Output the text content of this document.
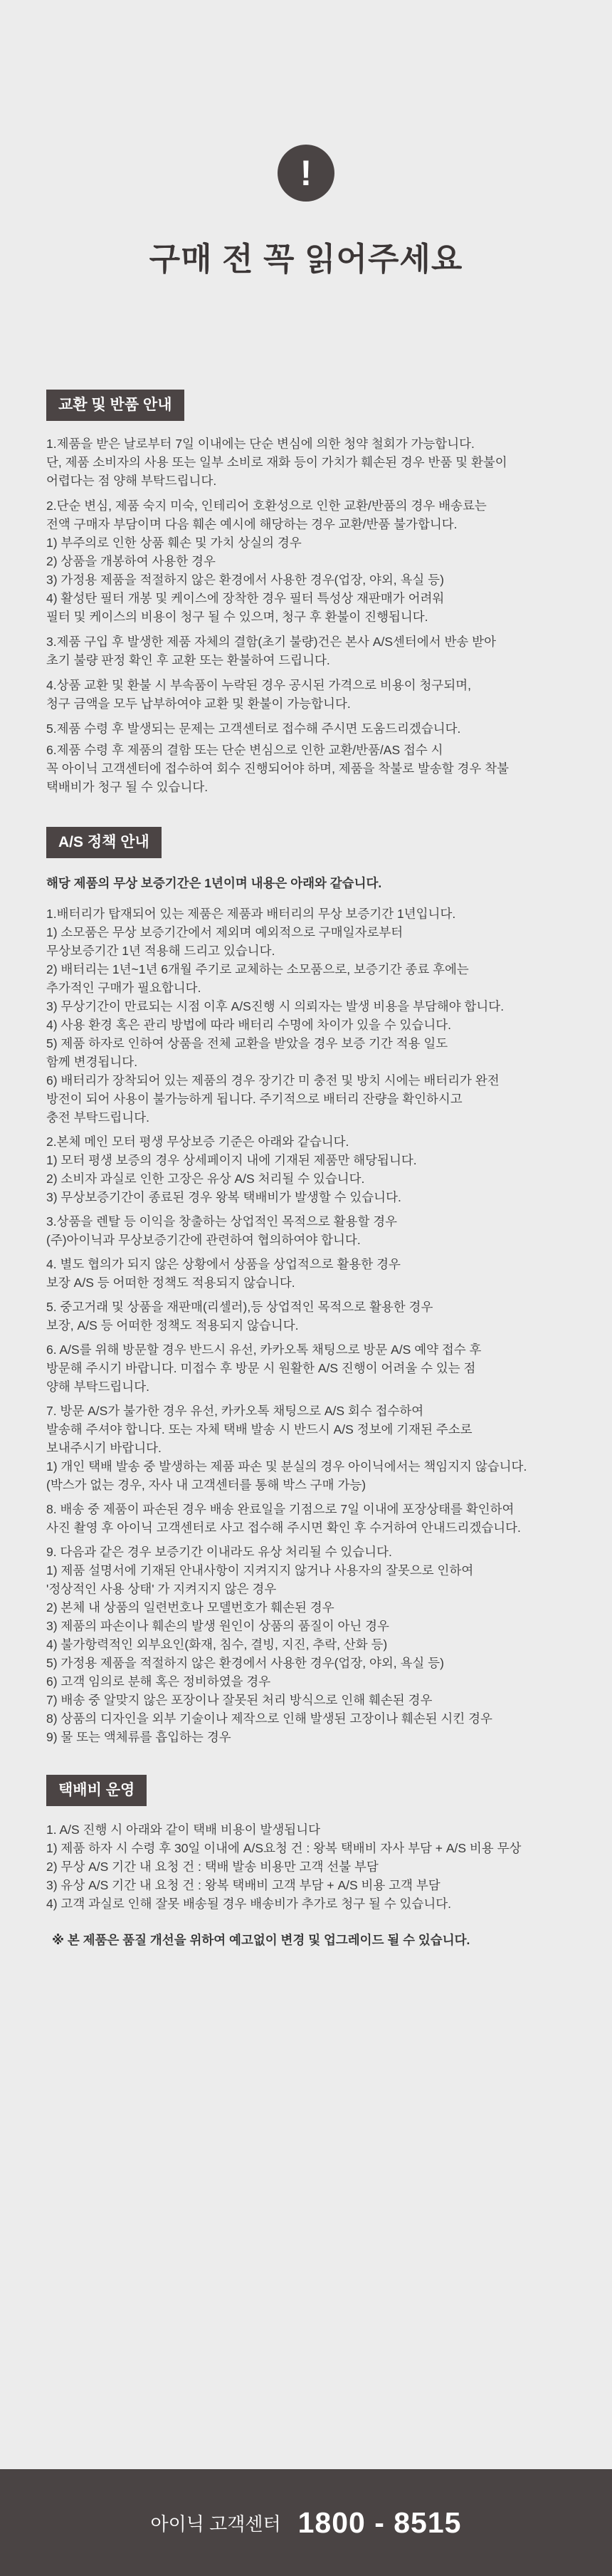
!
구매 전 꼭 읽어주세요
교환 및 반품 안내
1.제품을 받은 날로부터 7일 이내에는 단순 변심에 의한 청약 철회가 가능합니다.
단, 제품 소비자의 사용 또는 일부 소비로 재화 등이 가치가 훼손된 경우 반품 및 환불이
어렵다는 점 양해 부탁드립니다.
2.단순 변심, 제품 숙지 미숙, 인테리어 호환성으로 인한 교환/반품의 경우 배송료는
전액 구매자 부담이며 다음 훼손 예시에 해당하는 경우 교환/반품 불가합니다.
1) 부주의로 인한 상품 훼손 및 가치 상실의 경우
2) 상품을 개봉하여 사용한 경우
3) 가정용 제품을 적절하지 않은 환경에서 사용한 경우(업장, 야외, 욕실 등)
4) 활성탄 필터 개봉 및 케이스에 장착한 경우 필터 특성상 재판매가 어려워
필터 및 케이스의 비용이 청구 될 수 있으며, 청구 후 환불이 진행됩니다.
3.제품 구입 후 발생한 제품 자체의 결함(초기 불량)건은 본사 A/S센터에서 반송 받아
초기 불량 판정 확인 후 교환 또는 환불하여 드립니다.
4.상품 교환 및 환불 시 부속품이 누락된 경우 공시된 가격으로 비용이 청구되며,
청구 금액을 모두 납부하여야 교환 및 환불이 가능합니다.
5.제품 수령 후 발생되는 문제는 고객센터로 접수해 주시면 도움드리겠습니다.
6.제품 수령 후 제품의 결함 또는 단순 변심으로 인한 교환/반품/AS 접수 시
꼭 아이닉 고객센터에 접수하여 회수 진행되어야 하며, 제품을 착불로 발송할 경우 착불
택배비가 청구 될 수 있습니다.
A/S 정책 안내
해당 제품의 무상 보증기간은 1년이며 내용은 아래와 같습니다.
1.배터리가 탑재되어 있는 제품은 제품과 배터리의 무상 보증기간 1년입니다.
1) 소모품은 무상 보증기간에서 제외며 예외적으로 구매일자로부터
무상보증기간 1년 적용해 드리고 있습니다.
2) 배터리는 1년~1년 6개월 주기로 교체하는 소모품으로, 보증기간 종료 후에는
추가적인 구매가 필요합니다.
3) 무상기간이 만료되는 시점 이후 A/S진행 시 의뢰자는 발생 비용을 부담해야 합니다.
4) 사용 환경 혹은 관리 방법에 따라 배터리 수명에 차이가 있을 수 있습니다.
5) 제품 하자로 인하여 상품을 전체 교환을 받았을 경우 보증 기간 적용 일도
함께 변경됩니다.
6) 배터리가 장착되어 있는 제품의 경우 장기간 미 충전 및 방치 시에는 배터리가 완전
방전이 되어 사용이 불가능하게 됩니다. 주기적으로 배터리 잔량을 확인하시고
충전 부탁드립니다.
2.본체 메인 모터 평생 무상보증 기준은 아래와 같습니다.
1) 모터 평생 보증의 경우 상세페이지 내에 기재된 제품만 해당됩니다.
2) 소비자 과실로 인한 고장은 유상 A/S 처리될 수 있습니다.
3) 무상보증기간이 종료된 경우 왕복 택배비가 발생할 수 있습니다.
3.상품을 렌탈 등 이익을 창출하는 상업적인 목적으로 활용할 경우
(주)아이닉과 무상보증기간에 관련하여 협의하여야 합니다.
4. 별도 협의가 되지 않은 상황에서 상품을 상업적으로 활용한 경우
보장 A/S 등 어떠한 정책도 적용되지 않습니다.
5. 중고거래 및 상품을 재판매(리셀러),등 상업적인 목적으로 활용한 경우
보장, A/S 등 어떠한 정책도 적용되지 않습니다.
6. A/S를 위해 방문할 경우 반드시 유선, 카카오톡 채팅으로 방문 A/S 예약 접수 후
방문해 주시기 바랍니다. 미접수 후 방문 시 원활한 A/S 진행이 어려울 수 있는 점
양해 부탁드립니다.
7. 방문 A/S가 불가한 경우 유선, 카카오톡 채팅으로 A/S 회수 접수하여
발송해 주셔야 합니다. 또는 자체 택배 발송 시 반드시 A/S 정보에 기재된 주소로
보내주시기 바랍니다.
1) 개인 택배 발송 중 발생하는 제품 파손 및 분실의 경우 아이닉에서는 책임지지 않습니다.
(박스가 없는 경우, 자사 내 고객센터를 통해 박스 구매 가능)
8. 배송 중 제품이 파손된 경우 배송 완료일을 기점으로 7일 이내에 포장상태를 확인하여
사진 촬영 후 아이닉 고객센터로 사고 접수해 주시면 확인 후 수거하여 안내드리겠습니다.
9. 다음과 같은 경우 보증기간 이내라도 유상 처리될 수 있습니다.
1) 제품 설명서에 기재된 안내사항이 지켜지지 않거나 사용자의 잘못으로 인하여
'정상적인 사용 상태' 가 지켜지지 않은 경우
2) 본체 내 상품의 일련번호나 모델번호가 훼손된 경우
3) 제품의 파손이나 훼손의 발생 원인이 상품의 품질이 아닌 경우
4) 불가항력적인 외부요인(화재, 침수, 결빙, 지진, 추락, 산화 등)
5) 가정용 제품을 적절하지 않은 환경에서 사용한 경우(업장, 야외, 욕실 등)
6) 고객 임의로 분해 혹은 정비하였을 경우
7) 배송 중 알맞지 않은 포장이나 잘못된 처리 방식으로 인해 훼손된 경우
8) 상품의 디자인을 외부 기술이나 제작으로 인해 발생된 고장이나 훼손된 시킨 경우
9) 물 또는 액체류를 흡입하는 경우
택배비 운영
1. A/S 진행 시 아래와 같이 택배 비용이 발생됩니다
1) 제품 하자 시 수령 후 30일 이내에 A/S요청 건 : 왕복 택배비 자사 부담 + A/S 비용 무상
2) 무상 A/S 기간 내 요청 건 : 택배 발송 비용만 고객 선불 부담
3) 유상 A/S 기간 내 요청 건 : 왕복 택배비 고객 부담 + A/S 비용 고객 부담
4) 고객 과실로 인해 잘못 배송될 경우 배송비가 추가로 청구 될 수 있습니다.
※ 본 제품은 품질 개선을 위하여 예고없이 변경 및 업그레이드 될 수 있습니다.
아이닉 고객센터 1800 - 8515
